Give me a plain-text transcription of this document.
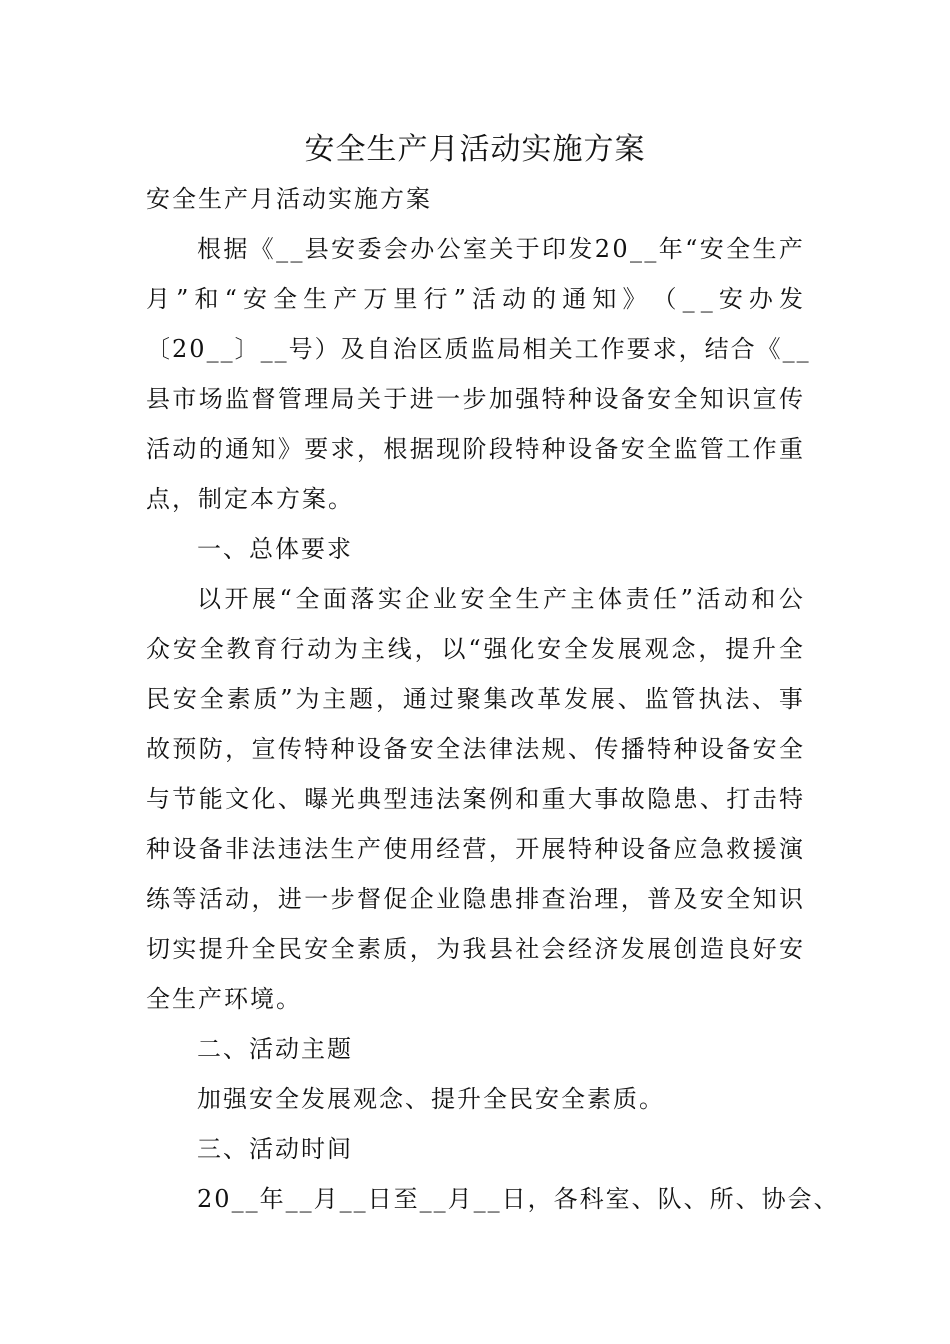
安全生产月活动实施方案
安全生产月活动实施方案
根 据 《 _ _ 县 安 委 会 办 公 室 关 于 印 发 2 0 _ _ 年 “ 安 全 生 产
月 ” 和 “ 安 全 生 产 万 里 行 ” 活 动 的 通 知 》 （ _ _ 安 办 发
〔 2 0 _ _ 〕 _ _ 号 ） 及 自 治 区 质 监 局 相 关 工 作 要 求 ， 结 合 《 _ _
县 市 场 监 督 管 理 局 关 于 进 一 步 加 强 特 种 设 备 安 全 知 识 宣 传
活 动 的 通 知 》 要 求 ， 根 据 现 阶 段 特 种 设 备 安 全 监 管 工 作 重
点，制定本方案。
一、总体要求
以 开 展 “ 全 面 落 实 企 业 安 全 生 产 主 体 责 任 ” 活 动 和 公
众 安 全 教 育 行 动 为 主 线 ， 以 “ 强 化 安 全 发 展 观 念 ， 提 升 全
民 安 全 素 质 ” 为 主 题 ， 通 过 聚 集 改 革 发 展 、 监 管 执 法 、 事
故 预 防 ， 宣 传 特 种 设 备 安 全 法 律 法 规 、 传 播 特 种 设 备 安 全
与 节 能 文 化 、 曝 光 典 型 违 法 案 例 和 重 大 事 故 隐 患 、 打 击 特
种 设 备 非 法 违 法 生 产 使 用 经 营 ， 开 展 特 种 设 备 应 急 救 援 演
练 等 活 动 ， 进 一 步 督 促 企 业 隐 患 排 查 治 理 ， 普 及 安 全 知 识
切 实 提 升 全 民 安 全 素 质 ， 为 我 县 社 会 经 济 发 展 创 造 良 好 安
全生产环境。
二、活动主题
加强安全发展观念、提升全民安全素质。
三、活动时间
2 0 _ _ 年 _ _ 月 _ _ 日 至 _ _ 月 _ _ 日 ， 各 科 室 、 队 、 所 、 协 会 、
